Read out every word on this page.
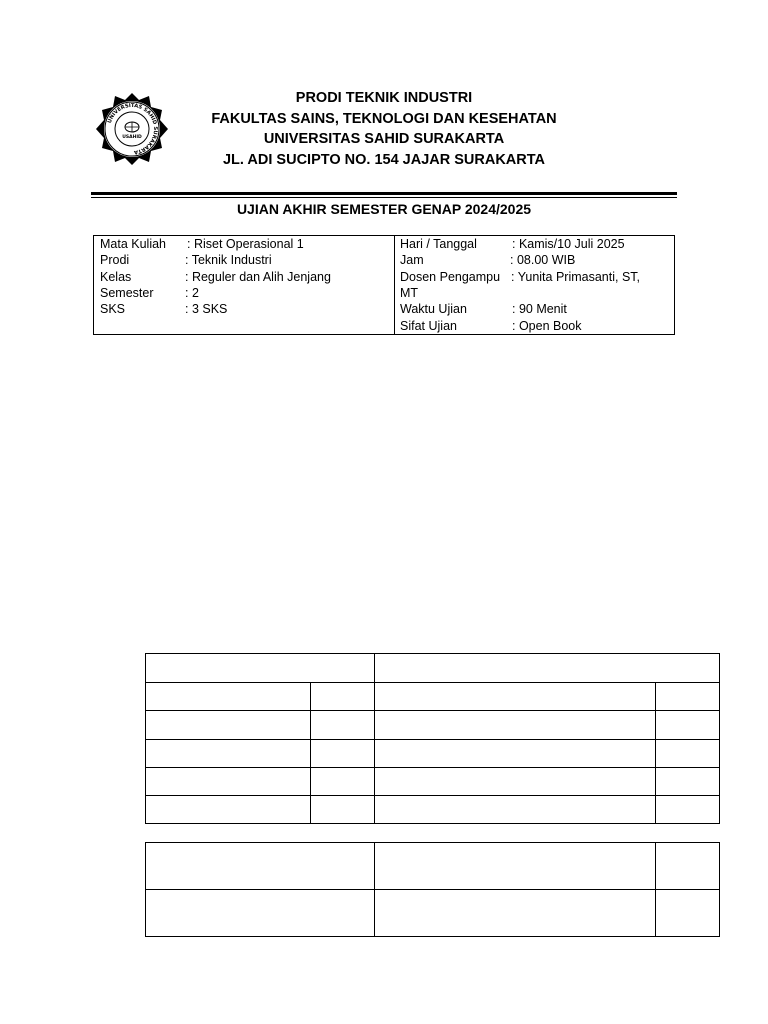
UNIVERSITAS SAHID SURAKARTA
USAHID
PRODI TEKNIK INDUSTRI
FAKULTAS SAINS, TEKNOLOGI DAN KESEHATAN
UNIVERSITAS SAHID SURAKARTA
JL. ADI SUCIPTO NO. 154 JAJAR SURAKARTA
UJIAN AKHIR SEMESTER GENAP 2024/2025
Mata Kuliah : Riset Operasional 1
Prodi	: Teknik Industri
Kelas	: Reguler dan Alih Jenjang
Semester	: 2
SKS	: 3 SKS
Hari / Tanggal	: Kamis/10 Juli 2025
Jam	: 08.00 WIB
Dosen Pengampu : Yunita Primasanti, ST,
MT
Waktu Ujian	: 90 Menit
Sifat Ujian	: Open Book
